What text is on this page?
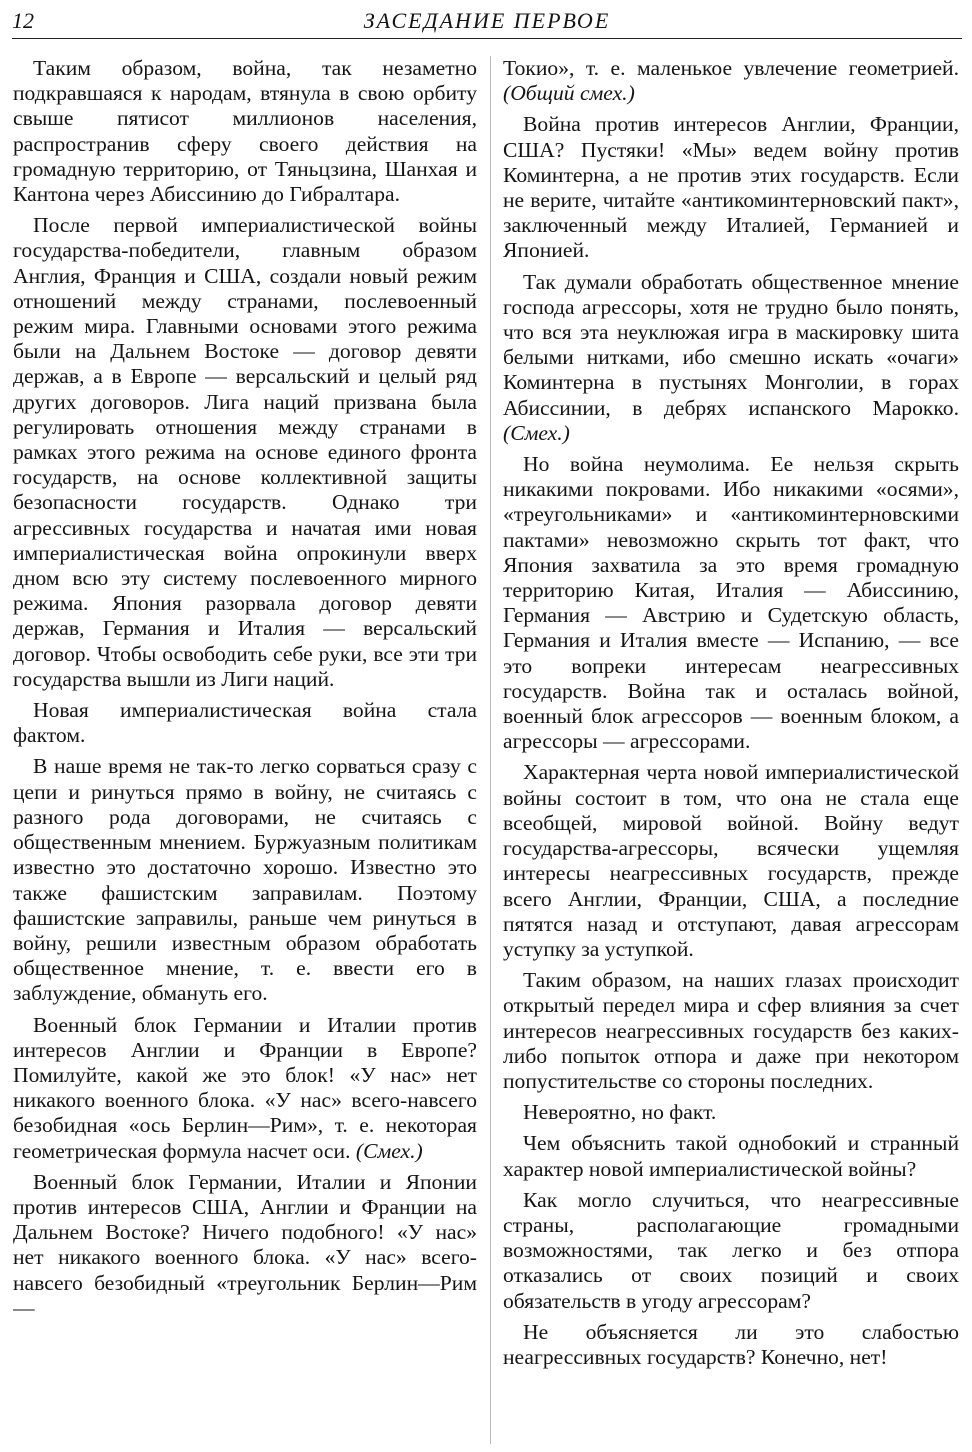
12	ЗАСЕДАНИЕ ПЕРВОЕ

Таким образом, война, так незаметно подкравшаяся к народам, втянула в свою орбиту свыше пятисот миллионов населения, распространив сферу своего действия на громадную территорию, от Тяньцзина, Шанхая и Кантона через Абиссинию до Гибралтара.

После первой империалистической войны государства-победители, главным образом Англия, Франция и США, создали новый режим отношений между странами, послевоенный режим мира. Главными основами этого режима были на Дальнем Востоке — договор девяти держав, а в Европе — версальский и целый ряд других договоров. Лига наций призвана была регулировать отношения между странами в рамках этого режима на основе единого фронта государств, на основе коллективной защиты безопасности государств. Однако три агрессивных государства и начатая ими новая империалистическая война опрокинули вверх дном всю эту систему послевоенного мирного режима. Япония разорвала договор девяти держав, Германия и Италия — версальский договор. Чтобы освободить себе руки, все эти три государства вышли из Лиги наций.

Новая империалистическая война стала фактом.

В наше время не так-то легко сорваться сразу с цепи и ринуться прямо в войну, не считаясь с разного рода договорами, не считаясь с общественным мнением. Буржуазным политикам известно это достаточно хорошо. Известно это также фашистским заправилам. Поэтому фашистские заправилы, раньше чем ринуться в войну, решили известным образом обработать общественное мнение, т. е. ввести его в заблуждение, обмануть его.

Военный блок Германии и Италии против интересов Англии и Франции в Европе? Помилуйте, какой же это блок! «У нас» нет никакого военного блока. «У нас» всего-навсего безобидная «ось Берлин—Рим», т. е. некоторая геометрическая формула насчет оси. (Смех.)

Военный блок Германии, Италии и Японии против интересов США, Англии и Франции на Дальнем Востоке? Ничего подобного! «У нас» нет никакого военного блока. «У нас» всего-навсего безобидный «треугольник Берлин—Рим—

Токио», т. е. маленькое увлечение геометрией. (Общий смех.)

Война против интересов Англии, Франции, США? Пустяки! «Мы» ведем войну против Коминтерна, а не против этих государств. Если не верите, читайте «антикоминтерновский пакт», заключенный между Италией, Германией и Японией.

Так думали обработать общественное мнение господа агрессоры, хотя не трудно было понять, что вся эта неуклюжая игра в маскировку шита белыми нитками, ибо смешно искать «очаги» Коминтерна в пустынях Монголии, в горах Абиссинии, в дебрях испанского Марокко. (Смех.)

Но война неумолима. Ее нельзя скрыть никакими покровами. Ибо никакими «осями», «треугольниками» и «антикоминтерновскими пактами» невозможно скрыть тот факт, что Япония захватила за это время громадную территорию Китая, Италия — Абиссинию, Германия — Австрию и Судетскую область, Германия и Италия вместе — Испанию, — все это вопреки интересам неагрессивных государств. Война так и осталась войной, военный блок агрессоров — военным блоком, а агрессоры — агрессорами.

Характерная черта новой империалистической войны состоит в том, что она не стала еще всеобщей, мировой войной. Войну ведут государства-агрессоры, всячески ущемляя интересы неагрессивных государств, прежде всего Англии, Франции, США, а последние пятятся назад и отступают, давая агрессорам уступку за уступкой.

Таким образом, на наших глазах происходит открытый передел мира и сфер влияния за счет интересов неагрессивных государств без каких-либо попыток отпора и даже при некотором попустительстве со стороны последних.

Невероятно, но факт.

Чем объяснить такой однобокий и странный характер новой империалистической войны?

Как могло случиться, что неагрессивные страны, располагающие громадными возможностями, так легко и без отпора отказались от своих позиций и своих обязательств в угоду агрессорам?

Не объясняется ли это слабостью неагрессивных государств? Конечно, нет!
